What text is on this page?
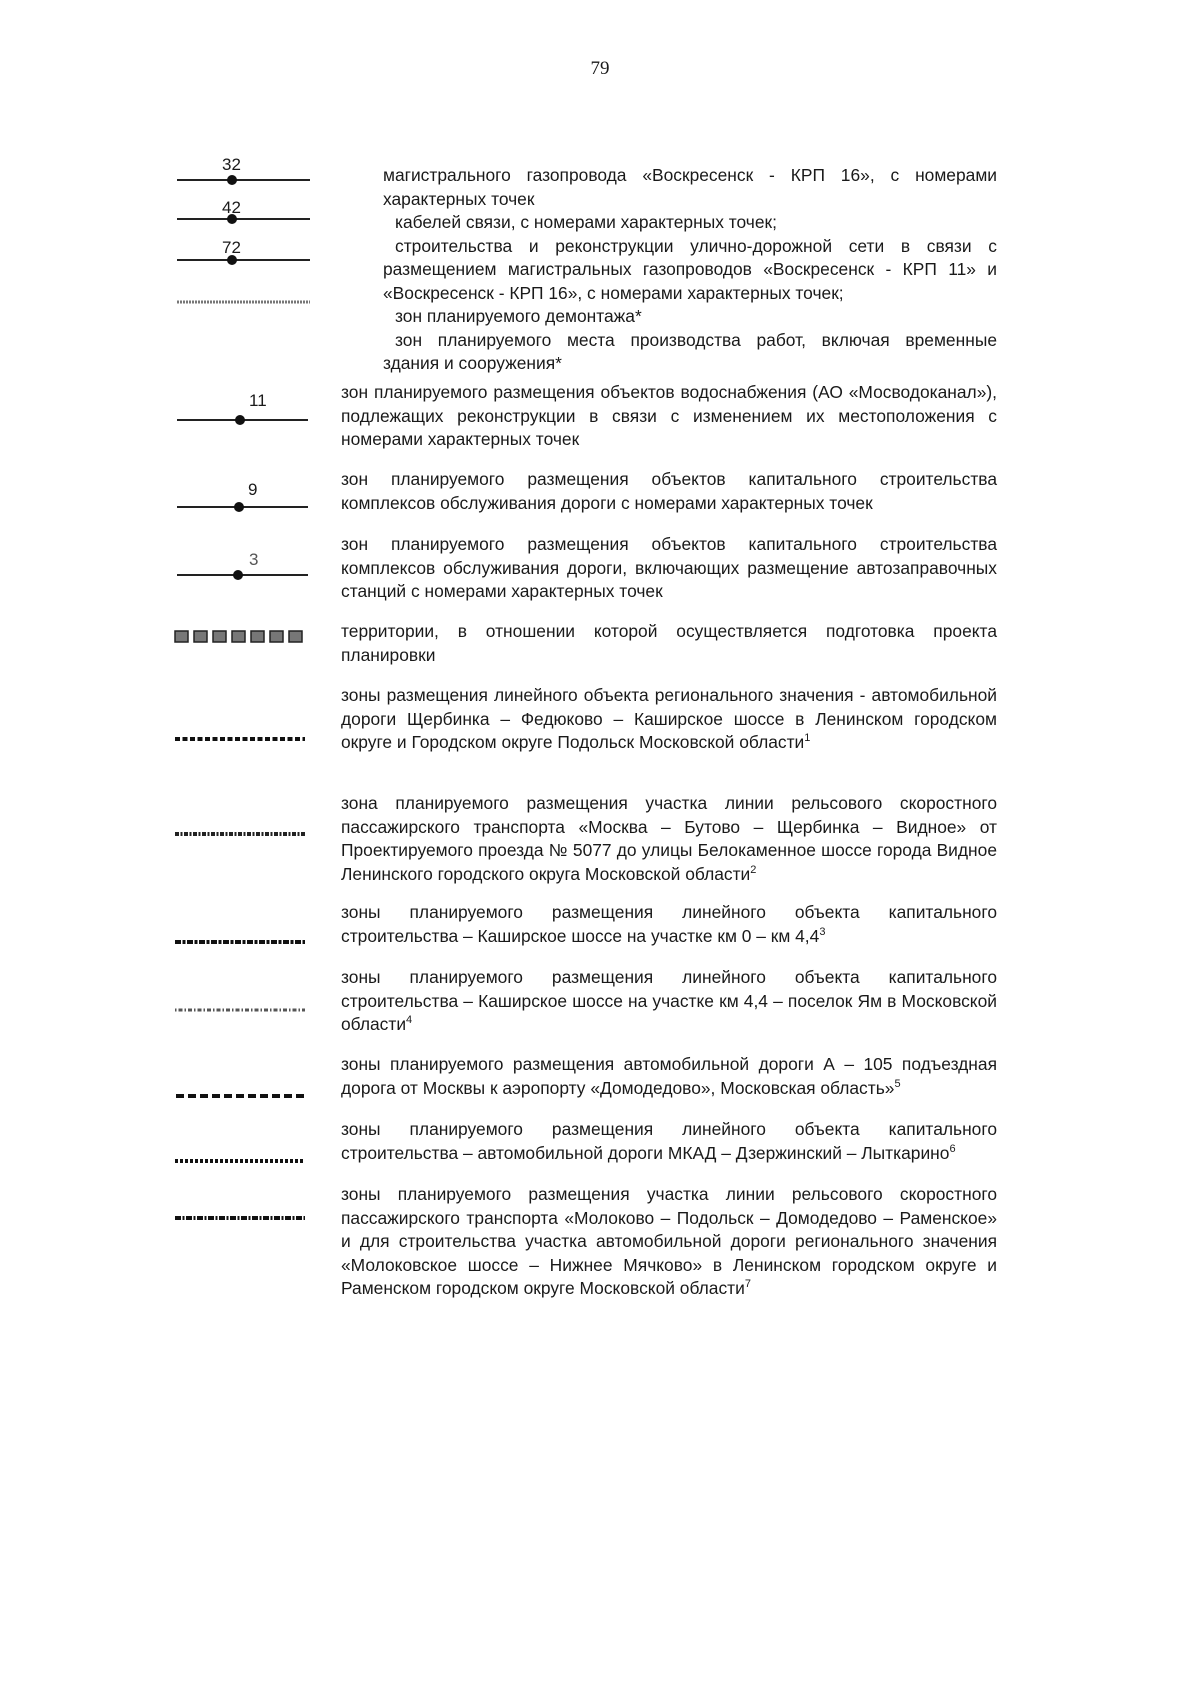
79
32
42
72
магистрального газопровода «Воскресенск - КРП 16», с номерами
характерных точек
кабелей связи, с номерами характерных точек;
строительства и реконструкции улично-дорожной сети в связи с
размещением магистральных газопроводов «Воскресенск - КРП 11» и
«Воскресенск - КРП 16», с номерами характерных точек;
зон планируемого демонтажа*
зон планируемого места производства работ, включая временные
здания и сооружения*
11	зон планируемого размещения объектов водоснабжения (АО «Мосводоканал»), подлежащих реконструкции в связи с изменением их местоположения с номерами характерных точек
9
зон планируемого размещения объектов капитального строительства комплексов обслуживания дороги с номерами характерных точек
3
зон планируемого размещения объектов капитального строительства комплексов обслуживания дороги, включающих размещение автозаправочных станций с номерами характерных точек
территории, в отношении которой осуществляется подготовка проекта планировки
зоны размещения линейного объекта регионального значения - автомобильной дороги Щербинка – Федюково – Каширское шоссе в Ленинском городском округе и Городском округе Подольск Московской области$^1$
зона планируемого размещения участка линии рельсового скоростного пассажирского транспорта «Москва – Бутово – Щербинка – Видное» от Проектируемого проезда № 5077 до улицы Белокаменное шоссе города Видное Ленинского городского округа Московской области$^2$
зоны планируемого размещения линейного объекта капитального строительства – Каширское шоссе на участке км 0 – км $4,4^3$
зоны планируемого размещения линейного объекта капитального строительства – Каширское шоссе на участке км 4,4 – поселок Ям в Московской области$^4$
зоны планируемого размещения автомобильной дороги А – 105 подъездная дорога от Москвы к аэропорту «Домодедово», Московская область»$^5$
зоны планируемого размещения линейного объекта капитального строительства – автомобильной дороги МКАД – Дзержинский – Лыткарино$^6$
зоны планируемого размещения участка линии рельсового скоростного пассажирского транспорта «Молоково – Подольск – Домодедово – Раменское» и для строительства участка автомобильной дороги регионального значения «Молоковское шоссе – Нижнее Мячково» в Ленинском городском округе и Раменском городском округе Московской области$^7$
